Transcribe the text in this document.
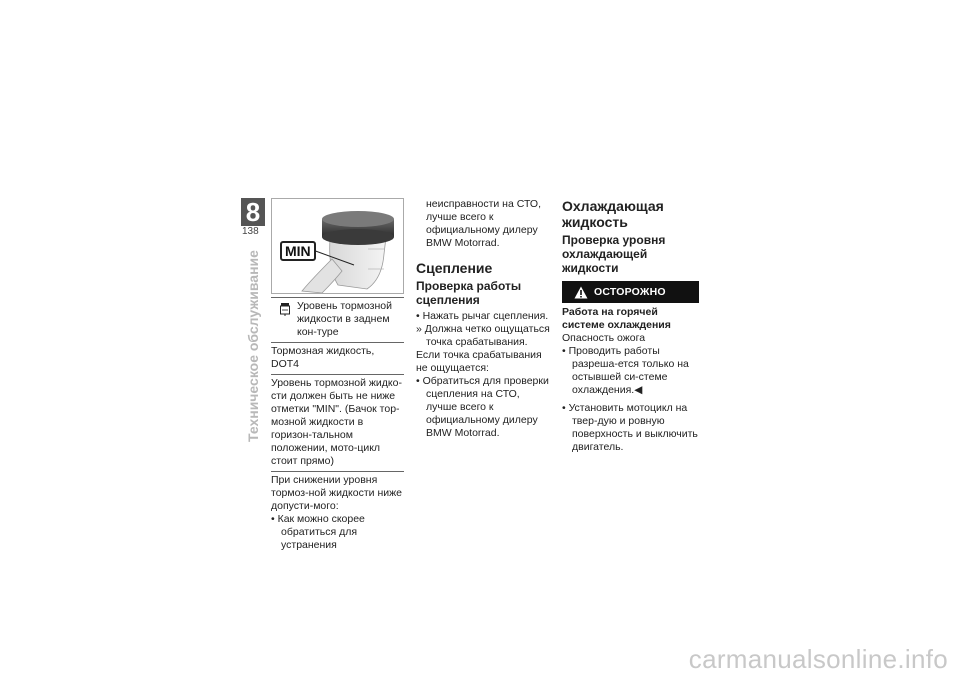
8
138
Техническое обслуживание	MIN
Уровень тормозной жидкости в заднем кон-туре
Тормозная жидкость, DOT4
Уровень тормозной жидко-сти должен быть не ниже отметки "MIN". (Бачок тор-мозной жидкости в горизон-тальном положении, мото-цикл стоит прямо)
При снижении уровня тормоз-ной жидкости ниже допусти-мого:
• Как можно скорее обратиться для устранения
неисправности на СТО, лучше всего к официальному дилеру BMW Motorrad.
Сцепление
Проверка работы сцепления
• Нажать рычаг сцепления.
» Должна четко ощущаться точка срабатывания.
Если точка срабатывания не ощущается:
• Обратиться для проверки сцепления на СТО, лучше всего к официальному дилеру BMW Motorrad.
Охлаждающая жидкость
Проверка уровня охлаждающей жидкости
ОСТОРОЖНО
Работа на горячей системе охлаждения
Опасность ожога
• Проводить работы разреша-ется только на остывшей си-стеме охлаждения.◀
• Установить мотоцикл на твер-дую и ровную поверхность и выключить двигатель.
carmanualsonline.info
